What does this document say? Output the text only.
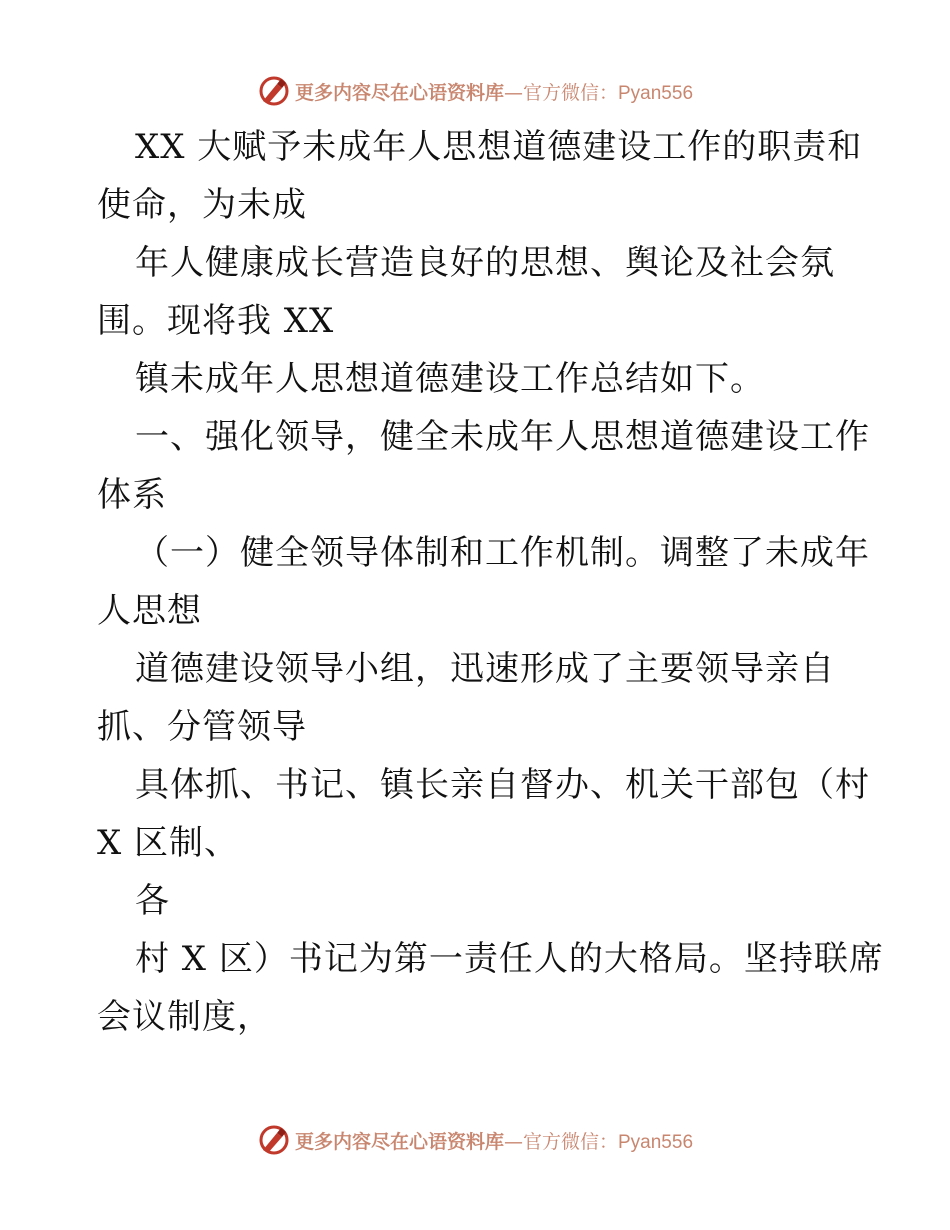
更多内容尽在心语资料库—官方微信：Pyan556
XX 大赋予未成年人思想道德建设工作的职责和
使命，为未成
年人健康成长营造良好的思想、舆论及社会氛
围。现将我 XX
镇未成年人思想道德建设工作总结如下。
一、强化领导，健全未成年人思想道德建设工作
体系
（一）健全领导体制和工作机制。调整了未成年
人思想
道德建设领导小组，迅速形成了主要领导亲自
抓、分管领导
具体抓、书记、镇长亲自督办、机关干部包（村
X 区制、
各
村 X 区）书记为第一责任人的大格局。坚持联席
会议制度，
更多内容尽在心语资料库—官方微信：Pyan556
